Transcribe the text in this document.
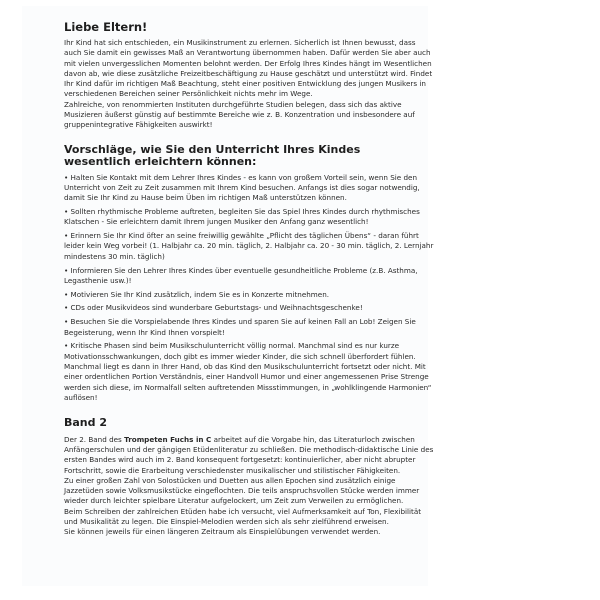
Liebe Eltern!

Ihr Kind hat sich entschieden, ein Musikinstrument zu erlernen. Sicherlich ist Ihnen bewusst, dass auch Sie damit ein gewisses Maß an Verantwortung übernommen haben. Dafür werden Sie aber auch mit vielen unvergesslichen Momenten belohnt werden. Der Erfolg Ihres Kindes hängt im Wesentlichen davon ab, wie diese zusätzliche Freizeitbeschäftigung zu Hause geschätzt und unterstützt wird. Findet Ihr Kind dafür im richtigen Maß Beachtung, steht einer positiven Entwicklung des jungen Musikers in verschiedenen Bereichen seiner Persönlichkeit nichts mehr im Wege.

Zahlreiche, von renommierten Instituten durchgeführte Studien belegen, dass sich das aktive Musizieren äußerst günstig auf bestimmte Bereiche wie z. B. Konzentration und insbesondere auf gruppenintegrative Fähigkeiten auswirkt!

Vorschläge, wie Sie den Unterricht Ihres Kindes
wesentlich erleichtern können:

• Halten Sie Kontakt mit dem Lehrer Ihres Kindes - es kann von großem Vorteil sein, wenn Sie den Unterricht von Zeit zu Zeit zusammen mit Ihrem Kind besuchen. Anfangs ist dies sogar notwendig, damit Sie Ihr Kind zu Hause beim Üben im richtigen Maß unterstützen können.

• Sollten rhythmische Probleme auftreten, begleiten Sie das Spiel Ihres Kindes durch rhythmisches Klatschen - Sie erleichtern damit Ihrem jungen Musiker den Anfang ganz wesentlich!

• Erinnern Sie Ihr Kind öfter an seine freiwillig gewählte „Pflicht des täglichen Übens“ - daran führt leider kein Weg vorbei! (1. Halbjahr ca. 20 min. täglich, 2. Halbjahr ca. 20 - 30 min. täglich, 2. Lernjahr mindestens 30 min. täglich)

• Informieren Sie den Lehrer Ihres Kindes über eventuelle gesundheitliche Probleme (z.B. Asthma, Legasthenie usw.)!

• Motivieren Sie Ihr Kind zusätzlich, indem Sie es in Konzerte mitnehmen.

• CDs oder Musikvideos sind wunderbare Geburtstags- und Weihnachtsgeschenke!

• Besuchen Sie die Vorspielabende Ihres Kindes und sparen Sie auf keinen Fall an Lob! Zeigen Sie Begeisterung, wenn Ihr Kind Ihnen vorspielt!

• Kritische Phasen sind beim Musikschulunterricht völlig normal. Manchmal sind es nur kurze Motivationsschwankungen, doch gibt es immer wieder Kinder, die sich schnell überfordert fühlen. Manchmal liegt es dann in Ihrer Hand, ob das Kind den Musikschulunterricht fortsetzt oder nicht. Mit einer ordentlichen Portion Verständnis, einer Handvoll Humor und einer angemessenen Prise Strenge werden sich diese, im Normalfall selten auftretenden Missstimmungen, in „wohlklingende Harmonien“ auflösen!

Band 2

Der 2. Band des Trompeten Fuchs in C arbeitet auf die Vorgabe hin, das Literaturloch zwischen Anfängerschulen und der gängigen Etüdenliteratur zu schließen. Die methodisch-didaktische Linie des ersten Bandes wird auch im 2. Band konsequent fortgesetzt: kontinuierlicher, aber nicht abrupter Fortschritt, sowie die Erarbeitung verschiedenster musikalischer und stilistischer Fähigkeiten.

Zu einer großen Zahl von Solostücken und Duetten aus allen Epochen sind zusätzlich einige Jazzetüden sowie Volksmusikstücke eingeflochten. Die teils anspruchsvollen Stücke werden immer wieder durch leichter spielbare Literatur aufgelockert, um Zeit zum Verweilen zu ermöglichen.

Beim Schreiben der zahlreichen Etüden habe ich versucht, viel Aufmerksamkeit auf Ton, Flexibilität und Musikalität zu legen. Die Einspiel-Melodien werden sich als sehr zielführend erweisen.

Sie können jeweils für einen längeren Zeitraum als Einspielübungen verwendet werden.
